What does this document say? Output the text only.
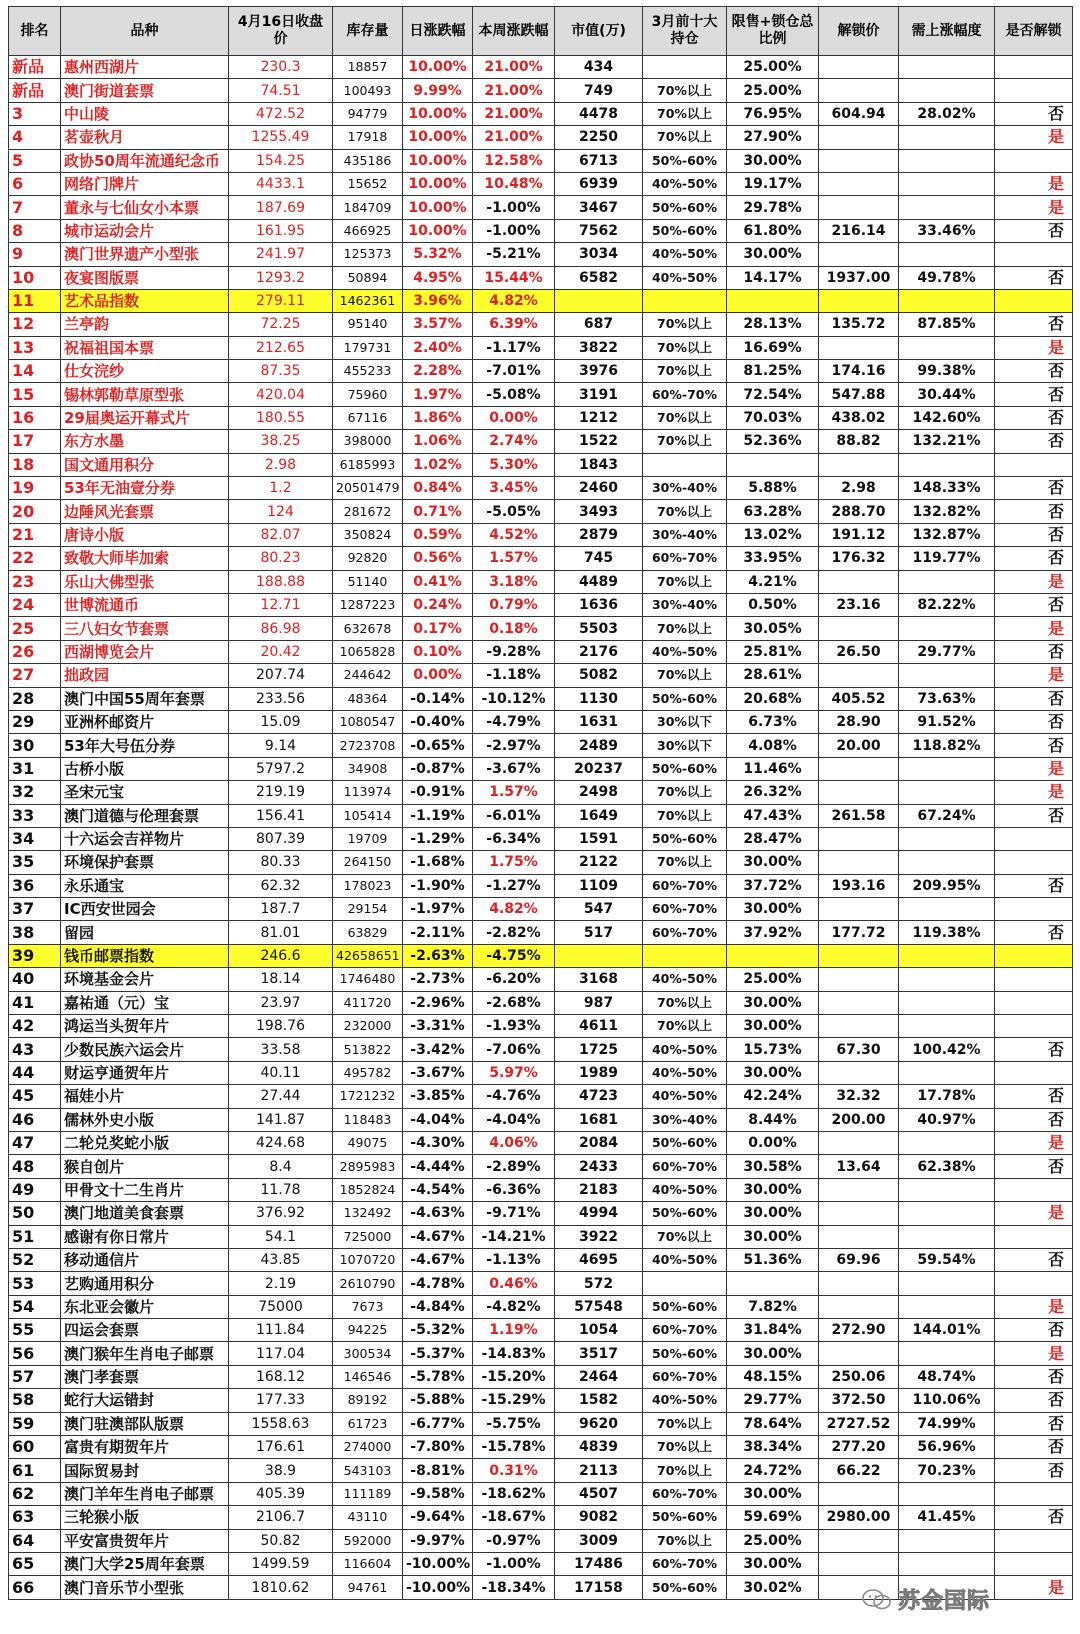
排名	品种	4月16日收盘价	库存量	日涨跌幅	本周涨跌幅	市值(万)	3月前十大持仓	限售+锁仓总比例	解锁价	需上涨幅度	是否解锁
新品	惠州西湖片	230.3	18857	10.00%	21.00%	434		25.00%			
新品	澳门街道套票	74.51	100493	9.99%	21.00%	749	70%以上	25.00%			
3	中山陵	472.52	94779	10.00%	21.00%	4478	70%以上	76.95%	604.94	28.02%	否
4	茗壶秋月	1255.49	17918	10.00%	21.00%	2250	70%以上	27.90%			是
5	政协50周年流通纪念币	154.25	435186	10.00%	12.58%	6713	50%-60%	30.00%			
6	网络门牌片	4433.1	15652	10.00%	10.48%	6939	40%-50%	19.17%			是
7	董永与七仙女小本票	187.69	184709	10.00%	-1.00%	3467	50%-60%	29.78%			是
8	城市运动会片	161.95	466925	10.00%	-1.00%	7562	50%-60%	61.80%	216.14	33.46%	否
9	澳门世界遗产小型张	241.97	125373	5.32%	-5.21%	3034	40%-50%	30.00%			
10	夜宴图版票	1293.2	50894	4.95%	15.44%	6582	40%-50%	14.17%	1937.00	49.78%	否
11	艺术品指数	279.11	1462361	3.96%	4.82%						
12	兰亭韵	72.25	95140	3.57%	6.39%	687	70%以上	28.13%	135.72	87.85%	否
13	祝福祖国本票	212.65	179731	2.40%	-1.17%	3822	70%以上	16.69%			是
14	仕女浣纱	87.35	455233	2.28%	-7.01%	3976	70%以上	81.25%	174.16	99.38%	否
15	锡林郭勒草原型张	420.04	75960	1.97%	-5.08%	3191	60%-70%	72.54%	547.88	30.44%	否
16	29届奥运开幕式片	180.55	67116	1.86%	0.00%	1212	70%以上	70.03%	438.02	142.60%	否
17	东方水墨	38.25	398000	1.06%	2.74%	1522	70%以上	52.36%	88.82	132.21%	否
18	国文通用积分	2.98	6185993	1.02%	5.30%	1843					
19	53年无油壹分券	1.2	20501479	0.84%	3.45%	2460	30%-40%	5.88%	2.98	148.33%	否
20	边陲风光套票	124	281672	0.71%	-5.05%	3493	70%以上	63.28%	288.70	132.82%	否
21	唐诗小版	82.07	350824	0.59%	4.52%	2879	30%-40%	13.02%	191.12	132.87%	否
22	致敬大师毕加索	80.23	92820	0.56%	1.57%	745	60%-70%	33.95%	176.32	119.77%	否
23	乐山大佛型张	188.88	51140	0.41%	3.18%	4489	70%以上	4.21%			是
24	世博流通币	12.71	1287223	0.24%	0.79%	1636	30%-40%	0.50%	23.16	82.22%	否
25	三八妇女节套票	86.98	632678	0.17%	0.18%	5503	70%以上	30.05%			是
26	西湖博览会片	20.42	1065828	0.10%	-9.28%	2176	40%-50%	25.81%	26.50	29.77%	否
27	拙政园	207.74	244642	0.00%	-1.18%	5082	70%以上	28.61%			是
28	澳门中国55周年套票	233.56	48364	-0.14%	-10.12%	1130	50%-60%	20.68%	405.52	73.63%	否
29	亚洲杯邮资片	15.09	1080547	-0.40%	-4.79%	1631	30%以下	6.73%	28.90	91.52%	否
30	53年大号伍分券	9.14	2723708	-0.65%	-2.97%	2489	30%以下	4.08%	20.00	118.82%	否
31	古桥小版	5797.2	34908	-0.87%	-3.67%	20237	50%-60%	11.46%			是
32	圣宋元宝	219.19	113974	-0.91%	1.57%	2498	70%以上	26.32%			是
33	澳门道德与伦理套票	156.41	105414	-1.19%	-6.01%	1649	70%以上	47.43%	261.58	67.24%	否
34	十六运会吉祥物片	807.39	19709	-1.29%	-6.34%	1591	50%-60%	28.47%			
35	环境保护套票	80.33	264150	-1.68%	1.75%	2122	70%以上	30.00%			
36	永乐通宝	62.32	178023	-1.90%	-1.27%	1109	60%-70%	37.72%	193.16	209.95%	否
37	IC西安世园会	187.7	29154	-1.97%	4.82%	547	60%-70%	30.00%			
38	留园	81.01	63829	-2.11%	-2.82%	517	60%-70%	37.92%	177.72	119.38%	否
39	钱币邮票指数	246.6	42658651	-2.63%	-4.75%						
40	环境基金会片	18.14	1746480	-2.73%	-6.20%	3168	40%-50%	25.00%			
41	嘉祐通（元）宝	23.97	411720	-2.96%	-2.68%	987	70%以上	30.00%			
42	鸿运当头贺年片	198.76	232000	-3.31%	-1.93%	4611	70%以上	30.00%			
43	少数民族六运会片	33.58	513822	-3.42%	-7.06%	1725	40%-50%	15.73%	67.30	100.42%	否
44	财运亨通贺年片	40.11	495782	-3.67%	5.97%	1989	40%-50%	30.00%			
45	福娃小片	27.44	1721232	-3.85%	-4.76%	4723	40%-50%	42.24%	32.32	17.78%	否
46	儒林外史小版	141.87	118483	-4.04%	-4.04%	1681	30%-40%	8.44%	200.00	40.97%	否
47	二轮兑奖蛇小版	424.68	49075	-4.30%	4.06%	2084	50%-60%	0.00%			是
48	猴自创片	8.4	2895983	-4.44%	-2.89%	2433	60%-70%	30.58%	13.64	62.38%	否
49	甲骨文十二生肖片	11.78	1852824	-4.54%	-6.36%	2183	40%-50%	30.00%			
50	澳门地道美食套票	376.92	132492	-4.63%	-9.71%	4994	50%-60%	30.00%			是
51	感谢有你日常片	54.1	725000	-4.67%	-14.21%	3922	70%以上	30.00%			
52	移动通信片	43.85	1070720	-4.67%	-1.13%	4695	40%-50%	51.36%	69.96	59.54%	否
53	艺购通用积分	2.19	2610790	-4.78%	0.46%	572					
54	东北亚会徽片	75000	7673	-4.84%	-4.82%	57548	50%-60%	7.82%			是
55	四运会套票	111.84	94225	-5.32%	1.19%	1054	60%-70%	31.84%	272.90	144.01%	否
56	澳门猴年生肖电子邮票	117.04	300534	-5.37%	-14.83%	3517	50%-60%	30.00%			是
57	澳门孝套票	168.12	146546	-5.78%	-15.20%	2464	60%-70%	48.15%	250.06	48.74%	否
58	蛇行大运错封	177.33	89192	-5.88%	-15.29%	1582	40%-50%	29.77%	372.50	110.06%	否
59	澳门驻澳部队版票	1558.63	61723	-6.77%	-5.75%	9620	70%以上	78.64%	2727.52	74.99%	否
60	富贵有期贺年片	176.61	274000	-7.80%	-15.78%	4839	70%以上	38.34%	277.20	56.96%	否
61	国际贸易封	38.9	543103	-8.81%	0.31%	2113	70%以上	24.72%	66.22	70.23%	否
62	澳门羊年生肖电子邮票	405.39	111189	-9.58%	-18.62%	4507	60%-70%	30.00%			
63	三轮猴小版	2106.7	43110	-9.64%	-18.67%	9082	50%-60%	59.69%	2980.00	41.45%	否
64	平安富贵贺年片	50.82	592000	-9.97%	-0.97%	3009	70%以上	25.00%			
65	澳门大学25周年套票	1499.59	116604	-10.00%	-1.00%	17486	60%-70%	30.00%			
66	澳门音乐节小型张	1810.62	94761	-10.00%	-18.34%	17158	50%-60%	30.02%			是
苏金国际
